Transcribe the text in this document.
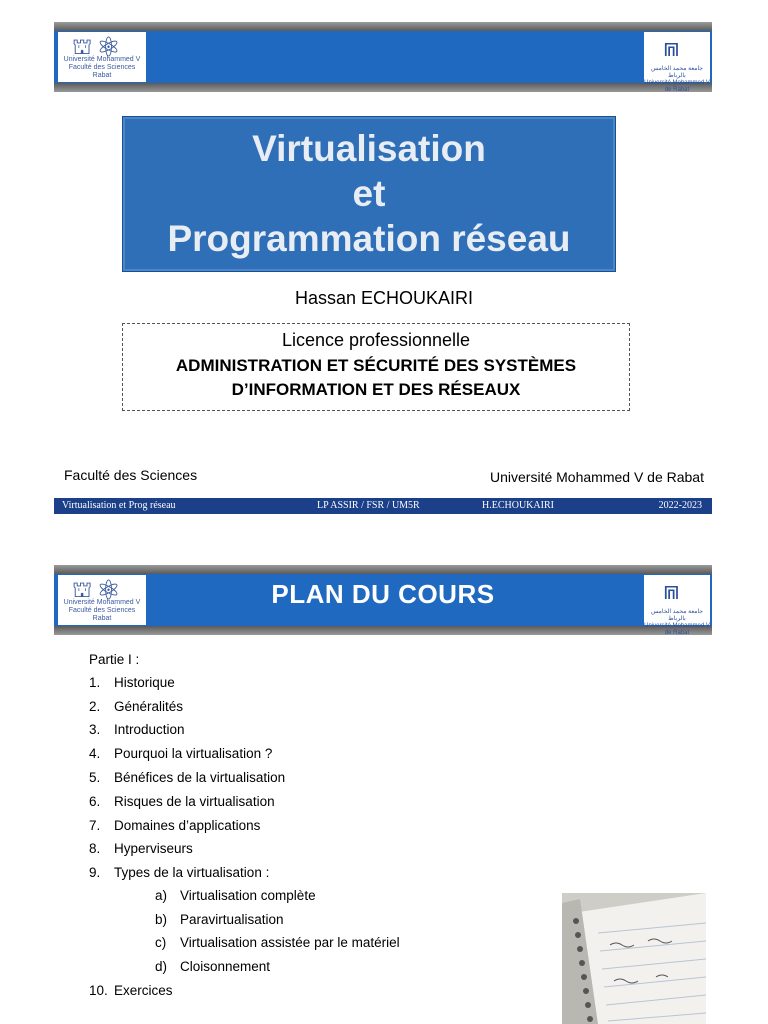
⛫ ⚛
Université Mohammed V
Faculté des Sciences
Rabat
⩎
جامعة محمد الخامس بالرباط
Université Mohammed V de Rabat
Virtualisation
et
Programmation réseau
Hassan ECHOUKAIRI
Licence professionnelle
ADMINISTRATION ET SÉCURITÉ DES SYSTÈMES
D’INFORMATION ET DES RÉSEAUX
Faculté des Sciences	Université Mohammed V de Rabat
Virtualisation et Prog réseau	LP ASSIR / FSR / UM5R	H.ECHOUKAIRI	2022-2023
⛫ ⚛
Université Mohammed V
Faculté des Sciences
Rabat
PLAN DU COURS	⩎
جامعة محمد الخامس بالرباط
Université Mohammed V de Rabat
Partie I :
1. Historique
2. Généralités
3. Introduction
4. Pourquoi la virtualisation ?
5. Bénéfices de la virtualisation
6. Risques de la virtualisation
7. Domaines d’applications
8. Hyperviseurs
9. Types de la virtualisation :
a) Virtualisation complète
b) Paravirtualisation
c) Virtualisation assistée par le matériel
d) Cloisonnement
10. Exercices
